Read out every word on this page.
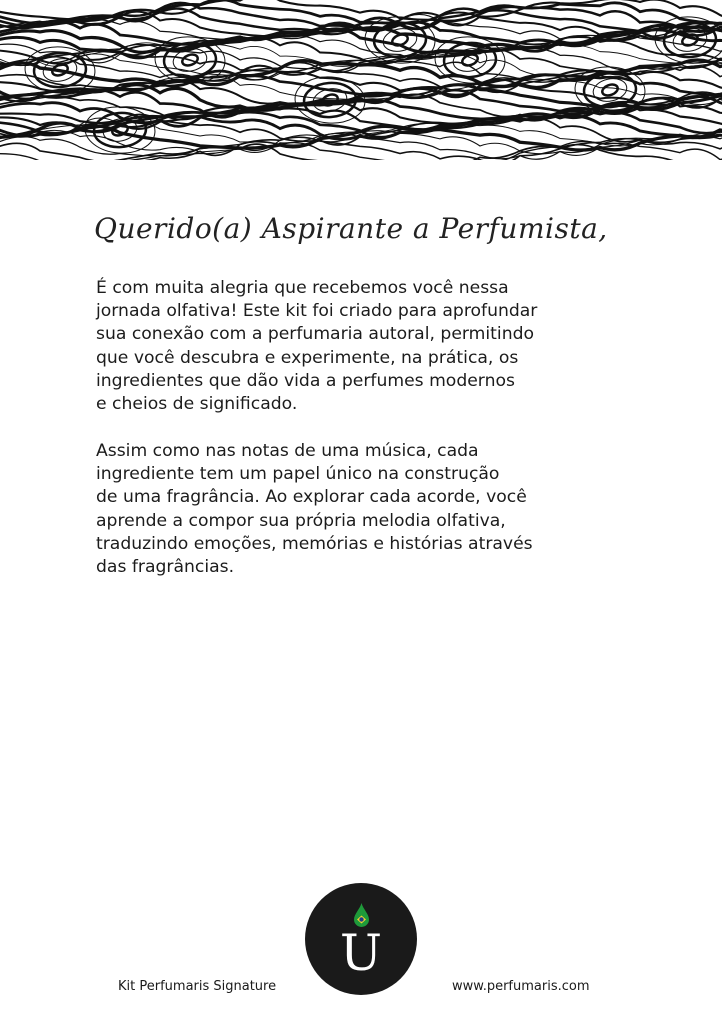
Querido(a) Aspirante a Perfumista,
É com muita alegria que recebemos você nessa
jornada olfativa! Este kit foi criado para aprofundar
sua conexão com a perfumaria autoral, permitindo
que você descubra e experimente, na prática, os
ingredientes que dão vida a perfumes modernos
e cheios de significado.
Assim como nas notas de uma música, cada
ingrediente tem um papel único na construção
de uma fragrância. Ao explorar cada acorde, você
aprende a compor sua própria melodia olfativa,
traduzindo emoções, memórias e histórias através
das fragrâncias.
U
Kit Perfumaris Signature	www.perfumaris.com
